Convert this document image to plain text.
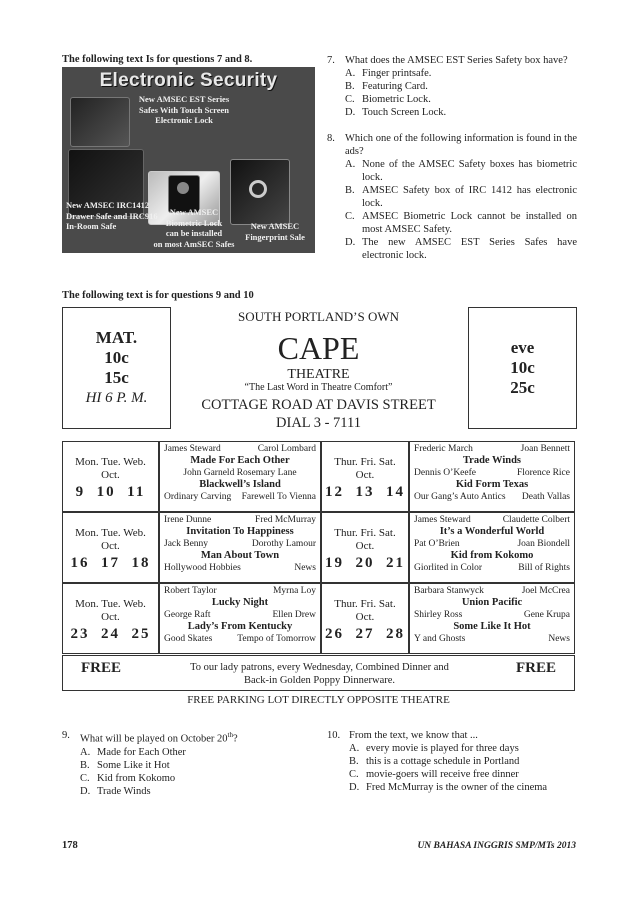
The following text Is for questions 7 and 8.
Electronic Security
New AMSEC EST Series
Safes With Touch Screen
Electronic Lock
New AMSEC IRC1412
Drawer Safe and IRC916
In-Room Safe
New AMSEC
Biometric Lock
can be installed
on most AmSEC Safes
New AMSEC
Fingerprint Sale
7. What does the AMSEC EST Series Safety box have?
A. Finger printsafe.
B. Featuring Card.
C. Biometric Lock.
D. Touch Screen Lock.
8. Which one of the following information is found in the ads?
A. None of the AMSEC Safety boxes has biometric lock.
B. AMSEC Safety box of IRC 1412 has electronic lock.
C. AMSEC Biometric Lock cannot be installed on most AMSEC Safety.
D. The new AMSEC EST Series Safes have electronic lock.
The following text is for questions 9 and 10
SOUTH PORTLAND’S OWN
MAT.
10c
15c
HI 6 P. M.
eve
10c
25c
CAPE
THEATRE
“The Last Word in Theatre Comfort”
COTTAGE ROAD AT DAVIS STREET
DIAL 3 - 7111
Mon. Tue. Web.
Oct.
9  10  11
James Steward	Carol Lombard
Made For Each Other
John Garneld Rosemary Lane
Blackwell’s Island
Ordinary Carving Farewell To Vienna
Thur. Fri. Sat.
Oct.
12  13  14
Frederic March	Joan Bennett
Trade Winds
Dennis O’Keefe	Florence Rice
Kid Form Texas
Our Gang’s Auto Antics Death Vallas
Mon. Tue. Web.
Oct.
16  17  18
Irene Dunne	Fred McMurray
Invitation To Happiness
Jack Benny	Dorothy Lamour
Man About Town
Hollywood Hobbies	News
Thur. Fri. Sat.
Oct.
19  20  21
James Steward	Claudette Colbert
It’s a Wonderful World
Pat O’Brien	Joan Biondell
Kid from Kokomo
Giorlited in Color	Bill of Rights
Mon. Tue. Web.
Oct.
23  24  25
Robert Taylor	Myrna Loy
Lucky Night
George Raft	Ellen Drew
Lady’s From Kentucky
Good Skates	Tempo of Tomorrow
Thur. Fri. Sat.
Oct.
26  27  28
Barbara Stanwyck	Joel McCrea
Union Pacific
Shirley Ross	Gene Krupa
Some Like It Hot
Y and Ghosts	News
FREE	FREE
To our lady patrons, every Wednesday, Combined Dinner and
Back-in Golden Poppy Dinnerware.
FREE PARKING LOT DIRECTLY OPPOSITE THEATRE
9. What will be played on October 20th?
A. Made for Each Other
B. Some Like it Hot
C. Kid from Kokomo
D. Trade Winds
10. From the text, we know that ...
A. every movie is played for three days
B. this is a cottage schedule in Portland
C. movie-goers will receive free dinner
D. Fred McMurray is the owner of the cinema
178	UN BAHASA INGGRIS SMP/MTs 2013
